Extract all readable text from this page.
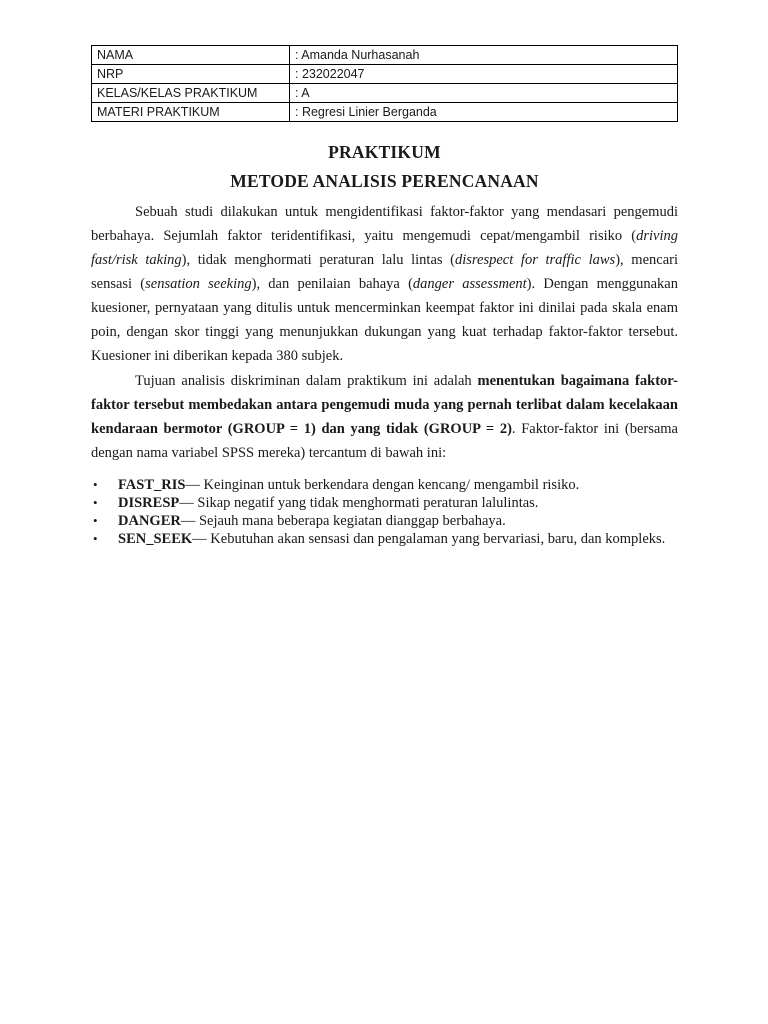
NAMA	: Amanda Nurhasanah
NRP	: 232022047
KELAS/KELAS PRAKTIKUM	: A
MATERI PRAKTIKUM	: Regresi Linier Berganda
PRAKTIKUM
METODE ANALISIS PERENCANAAN

Sebuah studi dilakukan untuk mengidentifikasi faktor-faktor yang mendasari pengemudi berbahaya. Sejumlah faktor teridentifikasi, yaitu mengemudi cepat/mengambil risiko (driving fast/risk taking), tidak menghormati peraturan lalu lintas (disrespect for traffic laws), mencari sensasi (sensation seeking), dan penilaian bahaya (danger assessment). Dengan menggunakan kuesioner, pernyataan yang ditulis untuk mencerminkan keempat faktor ini dinilai pada skala enam poin, dengan skor tinggi yang menunjukkan dukungan yang kuat terhadap faktor-faktor tersebut. Kuesioner ini diberikan kepada 380 subjek.

Tujuan analisis diskriminan dalam praktikum ini adalah menentukan bagaimana faktor-faktor tersebut membedakan antara pengemudi muda yang pernah terlibat dalam kecelakaan kendaraan bermotor (GROUP = 1) dan yang tidak (GROUP = 2). Faktor-faktor ini (bersama dengan nama variabel SPSS mereka) tercantum di bawah ini:

• FAST_RIS— Keinginan untuk berkendara dengan kencang/ mengambil risiko.
• DISRESP— Sikap negatif yang tidak menghormati peraturan lalulintas.
• DANGER— Sejauh mana beberapa kegiatan dianggap berbahaya.
• SEN_SEEK— Kebutuhan akan sensasi dan pengalaman yang bervariasi, baru, dan kompleks.
